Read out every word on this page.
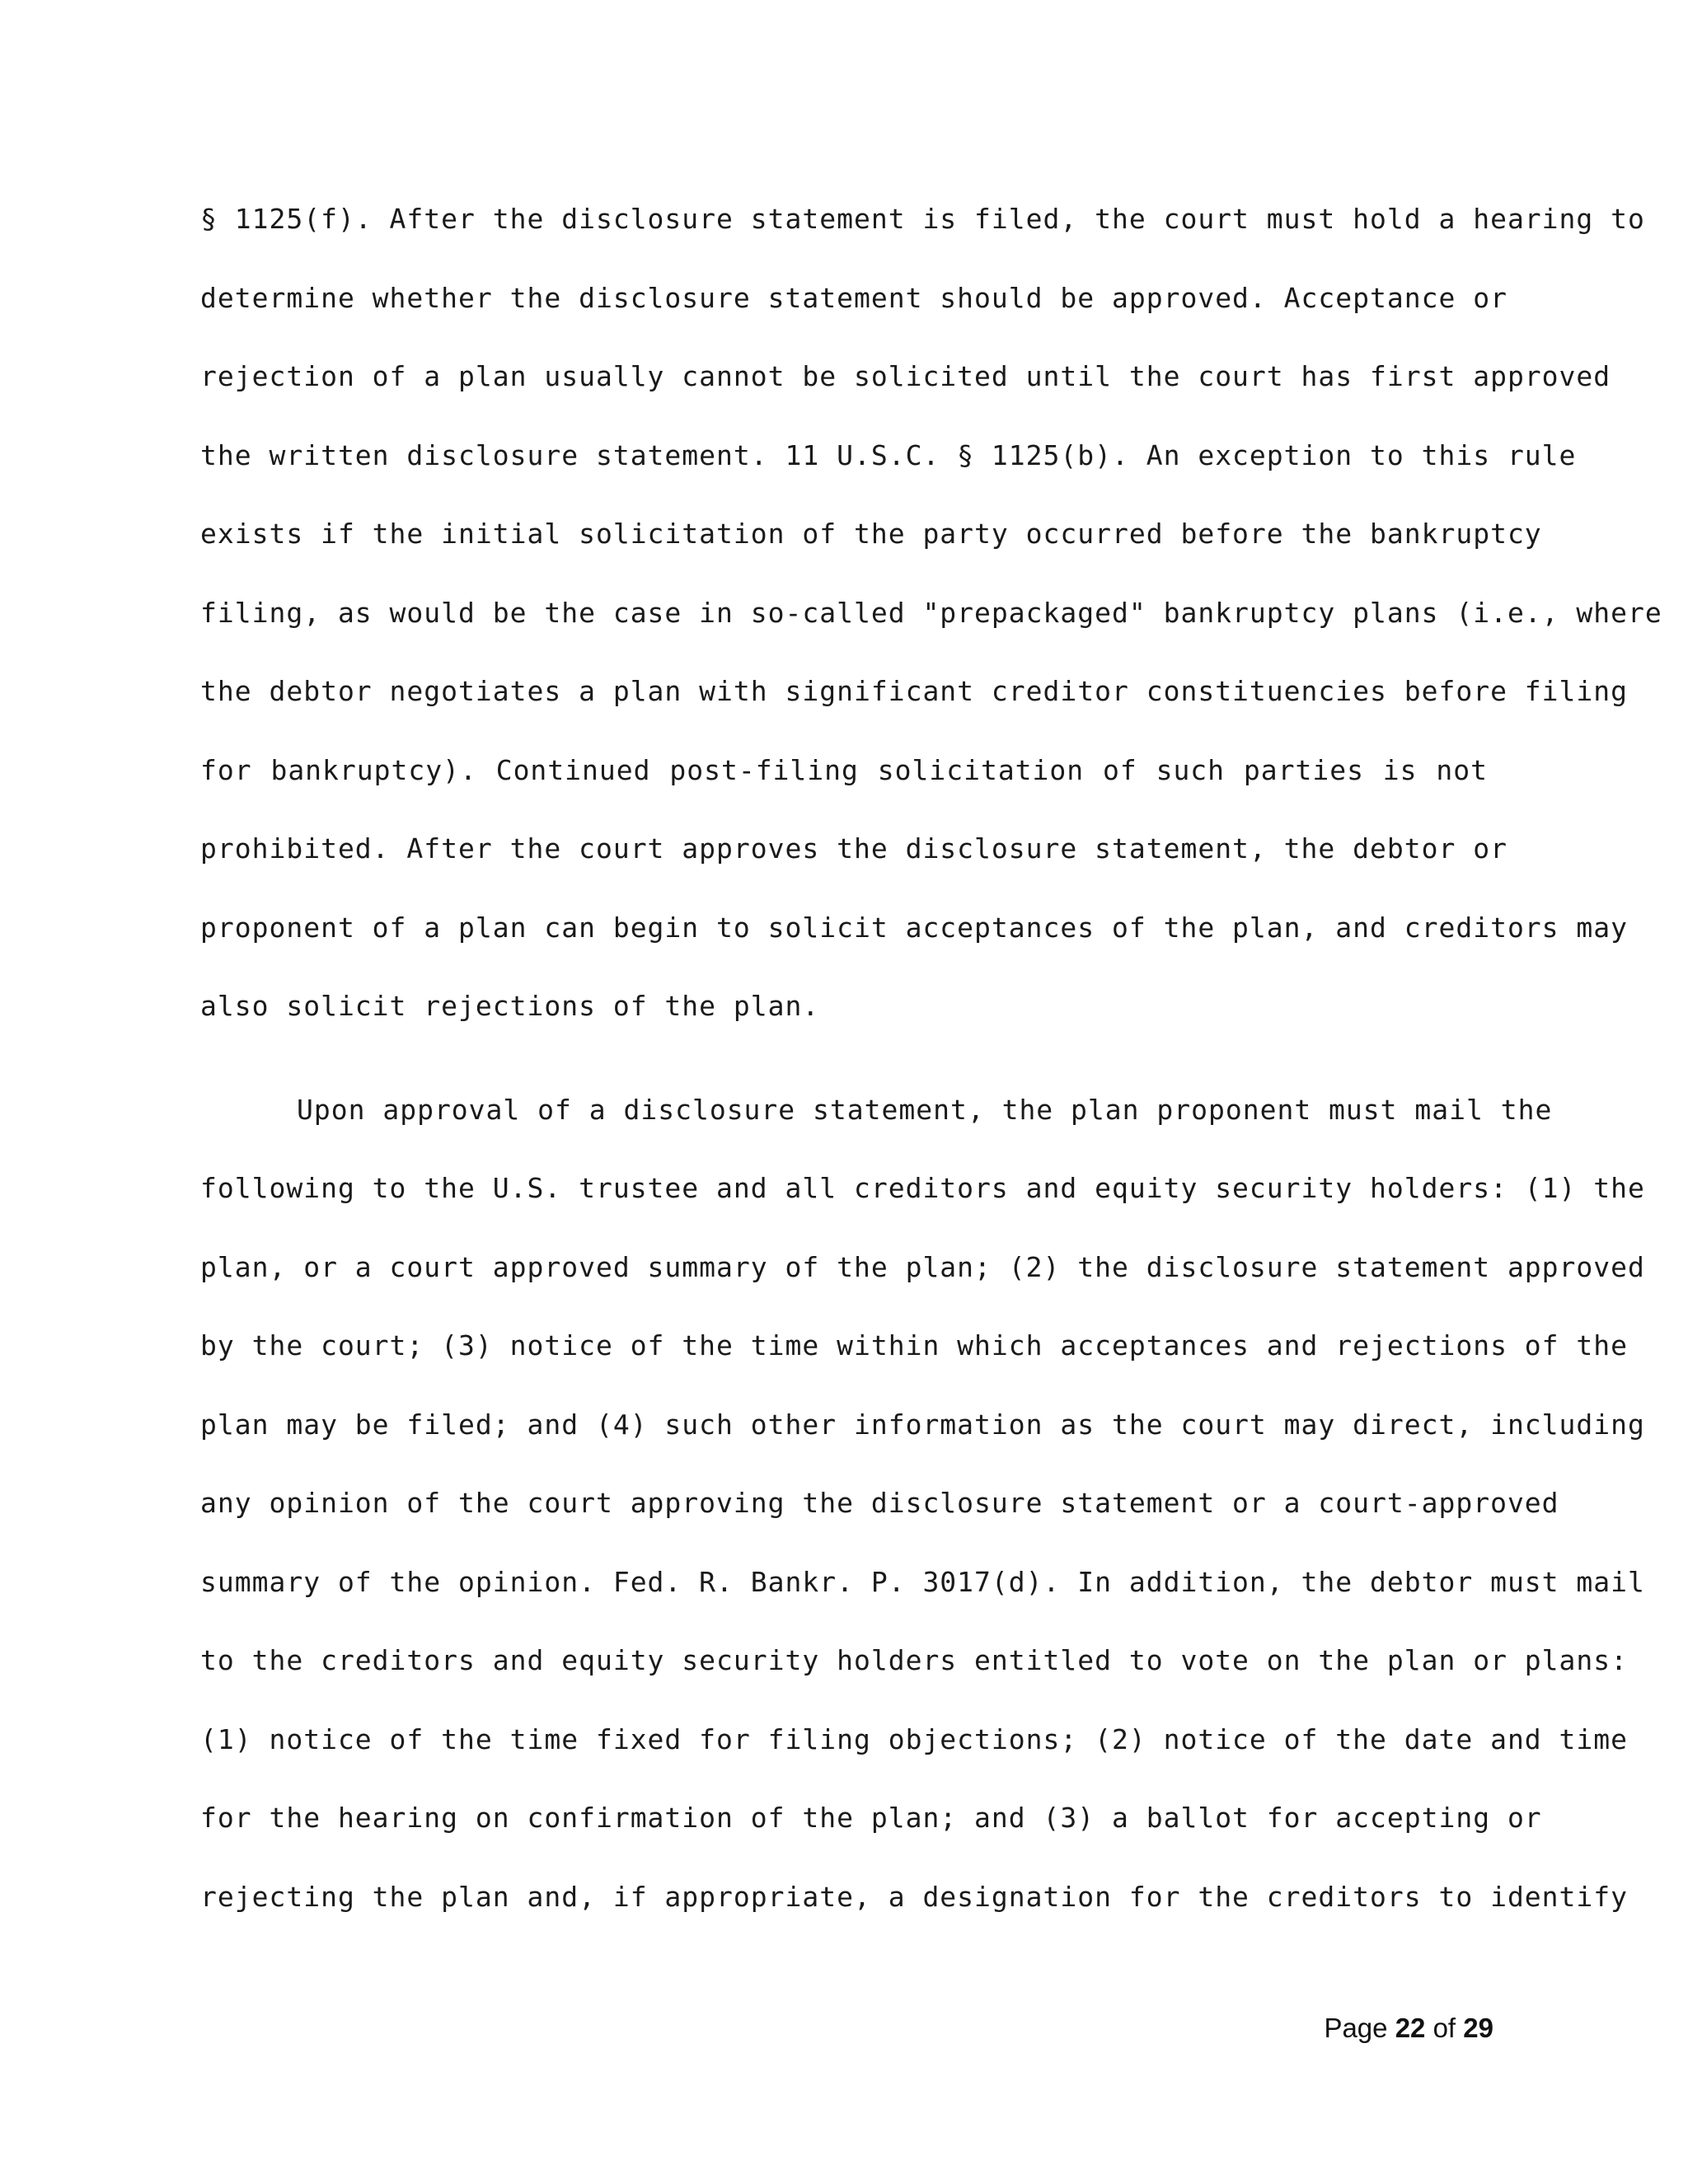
§ 1125(f). After the disclosure statement is filed, the court must hold a hearing to
determine whether the disclosure statement should be approved. Acceptance or
rejection of a plan usually cannot be solicited until the court has first approved
the written disclosure statement. 11 U.S.C. § 1125(b). An exception to this rule
exists if the initial solicitation of the party occurred before the bankruptcy
filing, as would be the case in so-called "prepackaged" bankruptcy plans (i.e., where
the debtor negotiates a plan with significant creditor constituencies before filing
for bankruptcy). Continued post-filing solicitation of such parties is not
prohibited. After the court approves the disclosure statement, the debtor or
proponent of a plan can begin to solicit acceptances of the plan, and creditors may
also solicit rejections of the plan.
Upon approval of a disclosure statement, the plan proponent must mail the
following to the U.S. trustee and all creditors and equity security holders: (1) the
plan, or a court approved summary of the plan; (2) the disclosure statement approved
by the court; (3) notice of the time within which acceptances and rejections of the
plan may be filed; and (4) such other information as the court may direct, including
any opinion of the court approving the disclosure statement or a court-approved
summary of the opinion. Fed. R. Bankr. P. 3017(d). In addition, the debtor must mail
to the creditors and equity security holders entitled to vote on the plan or plans:
(1) notice of the time fixed for filing objections; (2) notice of the date and time
for the hearing on confirmation of the plan; and (3) a ballot for accepting or
rejecting the plan and, if appropriate, a designation for the creditors to identify
Page 22 of 29
